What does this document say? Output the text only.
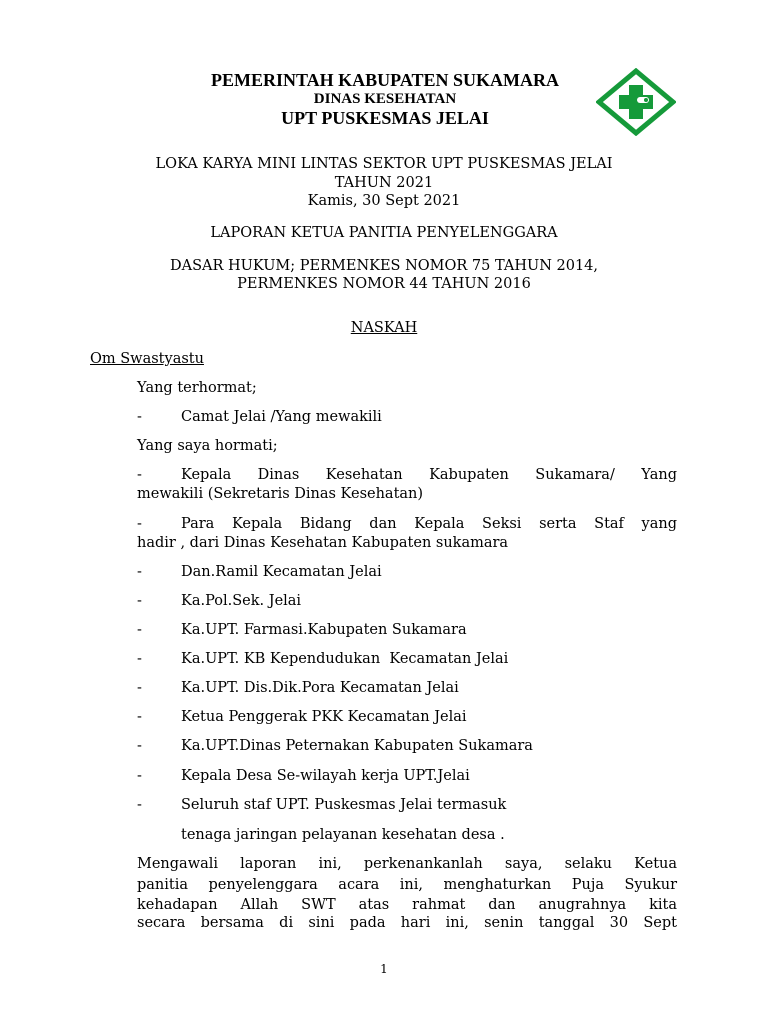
PEMERINTAH KABUPATEN SUKAMARA
DINAS KESEHATAN
UPT PUSKESMAS JELAI
LOKA KARYA MINI LINTAS SEKTOR UPT PUSKESMAS JELAI
TAHUN 2021
Kamis, 30 Sept 2021
LAPORAN KETUA PANITIA PENYELENGGARA
DASAR HUKUM; PERMENKES NOMOR 75 TAHUN 2014,
PERMENKES NOMOR 44 TAHUN 2016
NASKAH
Om Swastyastu
Yang terhormat;
-	Camat Jelai /Yang mewakili
Yang saya hormati;
-	Kepala Dinas Kesehatan Kabupaten Sukamara/ Yang
mewakili (Sekretaris Dinas Kesehatan)
-	Para Kepala Bidang dan Kepala Seksi serta Staf yang
hadir , dari Dinas Kesehatan Kabupaten sukamara
-	Dan.Ramil Kecamatan Jelai
-	Ka.Pol.Sek. Jelai
-	Ka.UPT. Farmasi.Kabupaten Sukamara
-	Ka.UPT. KB Kependudukan  Kecamatan Jelai
-	Ka.UPT. Dis.Dik.Pora Kecamatan Jelai
-	Ketua Penggerak PKK Kecamatan Jelai
-	Ka.UPT.Dinas Peternakan Kabupaten Sukamara
-	Kepala Desa Se-wilayah kerja UPT.Jelai
-	Seluruh staf UPT. Puskesmas Jelai termasuk
tenaga jaringan pelayanan kesehatan desa .
Mengawali laporan ini, perkenankanlah saya, selaku Ketua
panitia penyelenggara acara ini, menghaturkan Puja Syukur
kehadapan Allah SWT atas rahmat dan anugrahnya kita
secara bersama di sini pada hari ini, senin tanggal 30 Sept
1
